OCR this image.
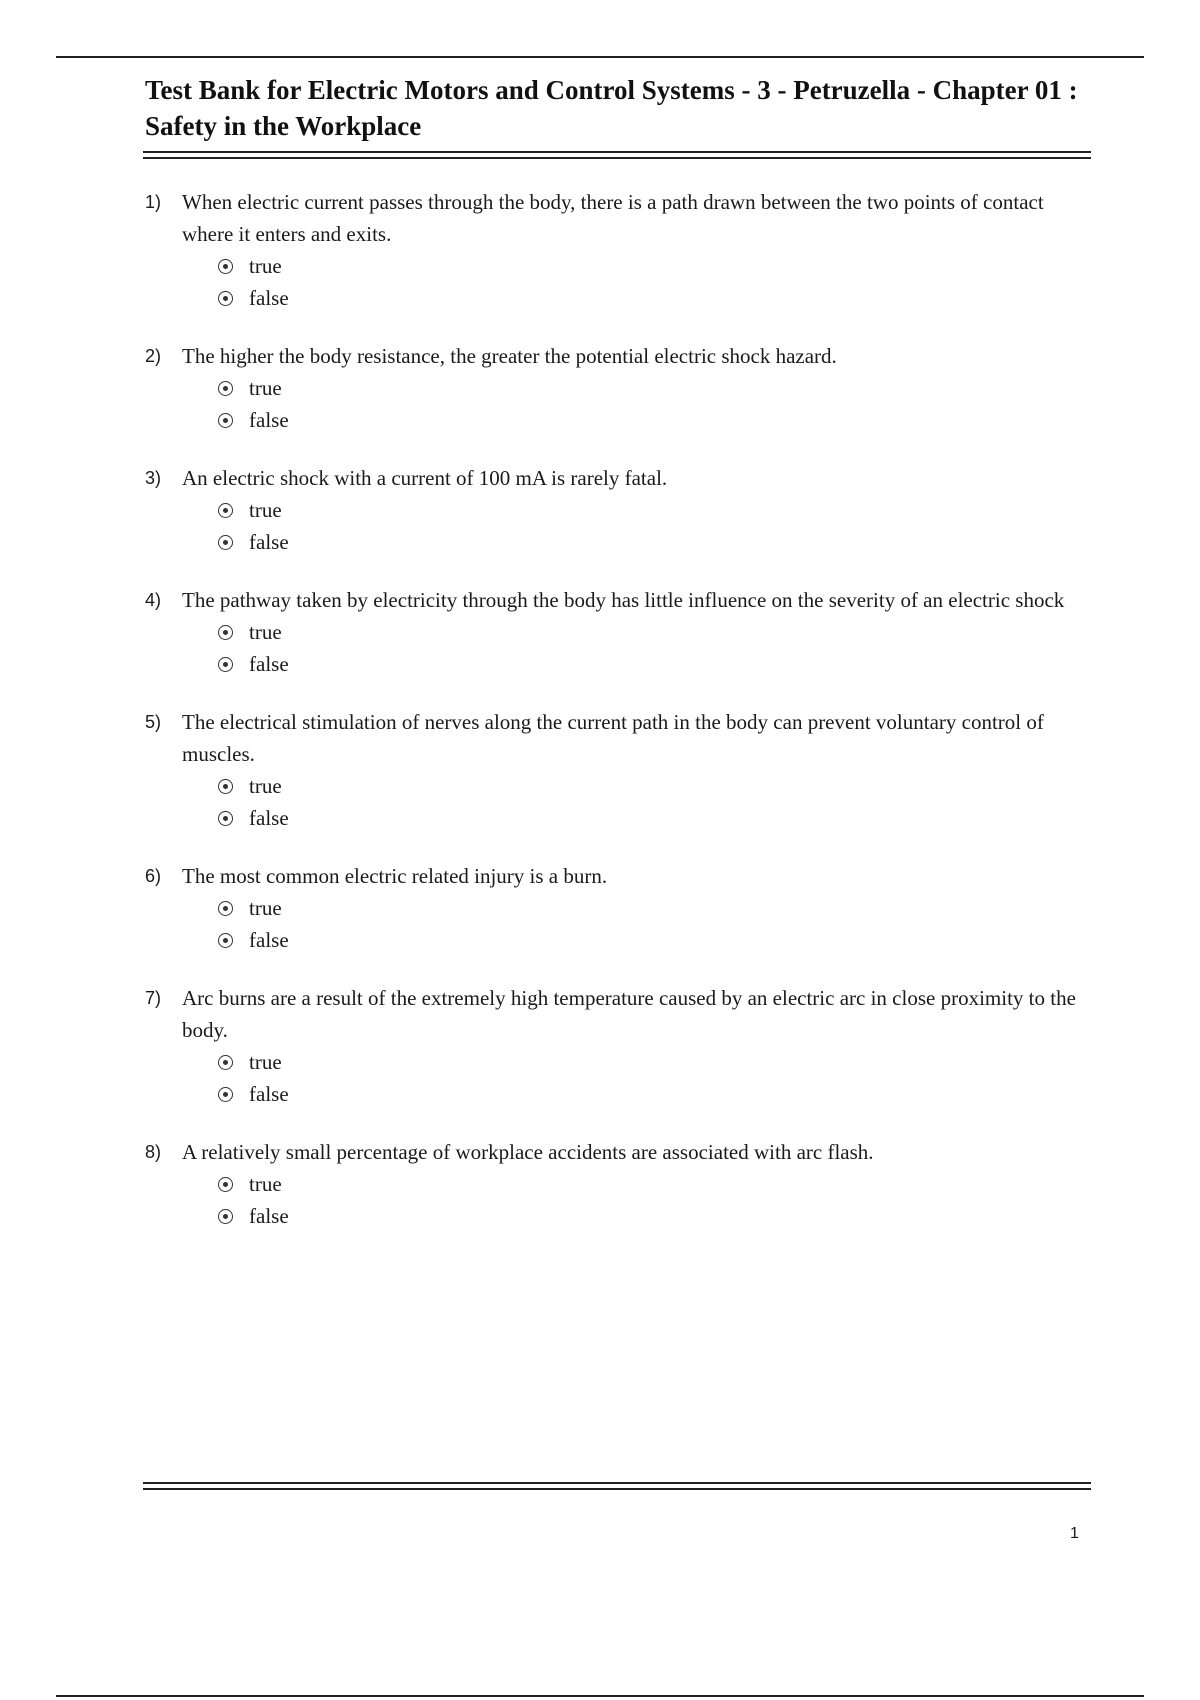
Test Bank for Electric Motors and Control Systems - 3 - Petruzella - Chapter 01 : Safety in the Workplace
1) When electric current passes through the body, there is a path drawn between the two points of contact where it enters and exits.
true
false
2) The higher the body resistance, the greater the potential electric shock hazard.
true
false
3) An electric shock with a current of 100 mA is rarely fatal.
true
false
4) The pathway taken by electricity through the body has little influence on the severity of an electric shock
true
false
5) The electrical stimulation of nerves along the current path in the body can prevent voluntary control of muscles.
true
false
6) The most common electric related injury is a burn.
true
false
7) Arc burns are a result of the extremely high temperature caused by an electric arc in close proximity to the body.
true
false
8) A relatively small percentage of workplace accidents are associated with arc flash.
true
false
1
